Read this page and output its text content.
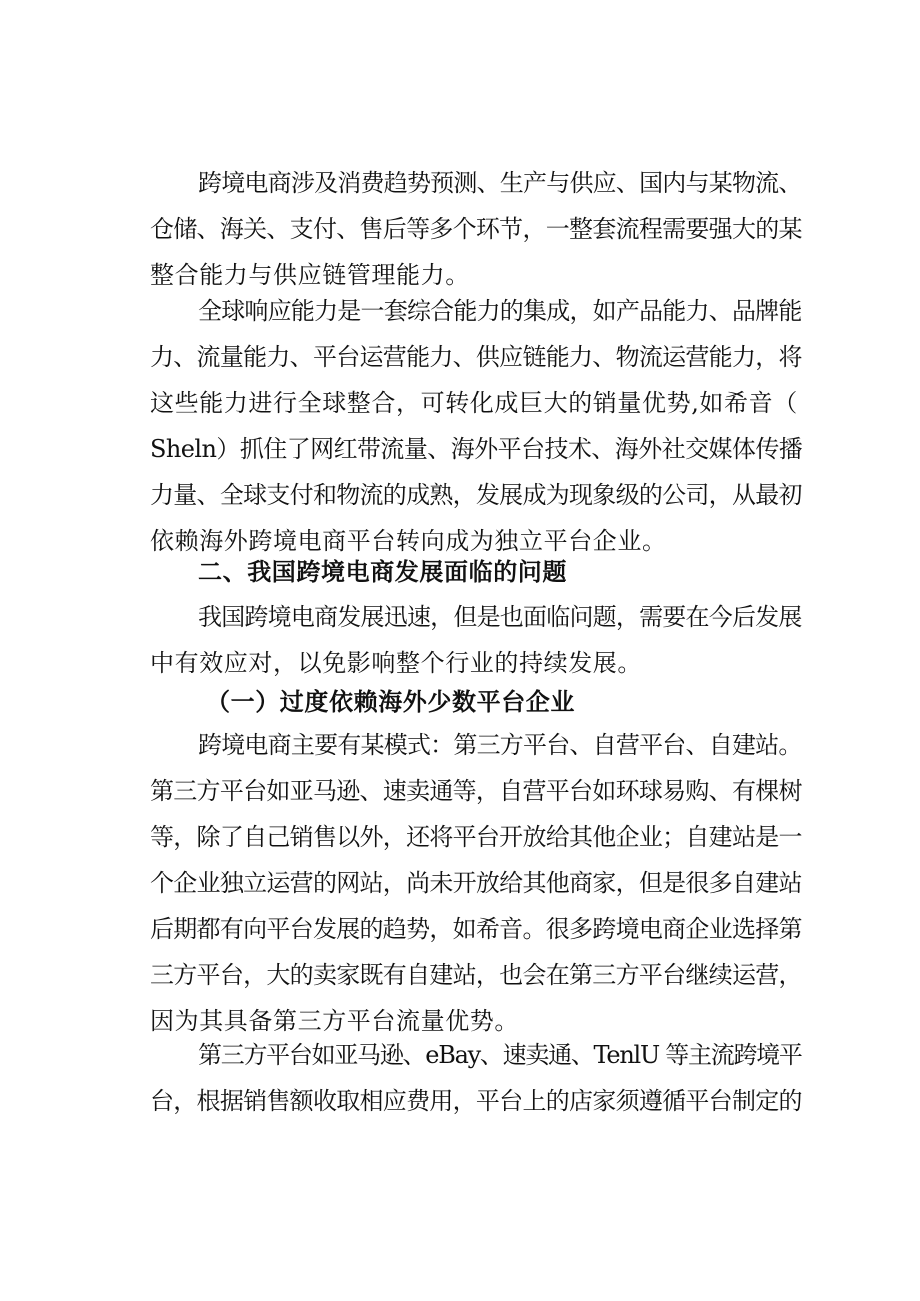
跨境电商涉及消费趋势预测、生产与供应、国内与某物流、
仓储、海关、支付、售后等多个环节，一整套流程需要强大的某
整合能力与供应链管理能力。
全球响应能力是一套综合能力的集成，如产品能力、品牌能
力、流量能力、平台运营能力、供应链能力、物流运营能力，将
这些能力进行全球整合，可转化成巨大的销量优势,如希音（
Sheln）抓住了网红带流量、海外平台技术、海外社交媒体传播
力量、全球支付和物流的成熟，发展成为现象级的公司，从最初
依赖海外跨境电商平台转向成为独立平台企业。
二、我国跨境电商发展面临的问题
我国跨境电商发展迅速，但是也面临问题，需要在今后发展
中有效应对，以免影响整个行业的持续发展。
（一）过度依赖海外少数平台企业
跨境电商主要有某模式：第三方平台、自营平台、自建站。
第三方平台如亚马逊、速卖通等，自营平台如环球易购、有棵树
等，除了自己销售以外，还将平台开放给其他企业；自建站是一
个企业独立运营的网站，尚未开放给其他商家，但是很多自建站
后期都有向平台发展的趋势，如希音。很多跨境电商企业选择第
三方平台，大的卖家既有自建站，也会在第三方平台继续运营，
因为其具备第三方平台流量优势。
第三方平台如亚马逊、eBay、速卖通、TenlU 等主流跨境平
台，根据销售额收取相应费用，平台上的店家须遵循平台制定的
